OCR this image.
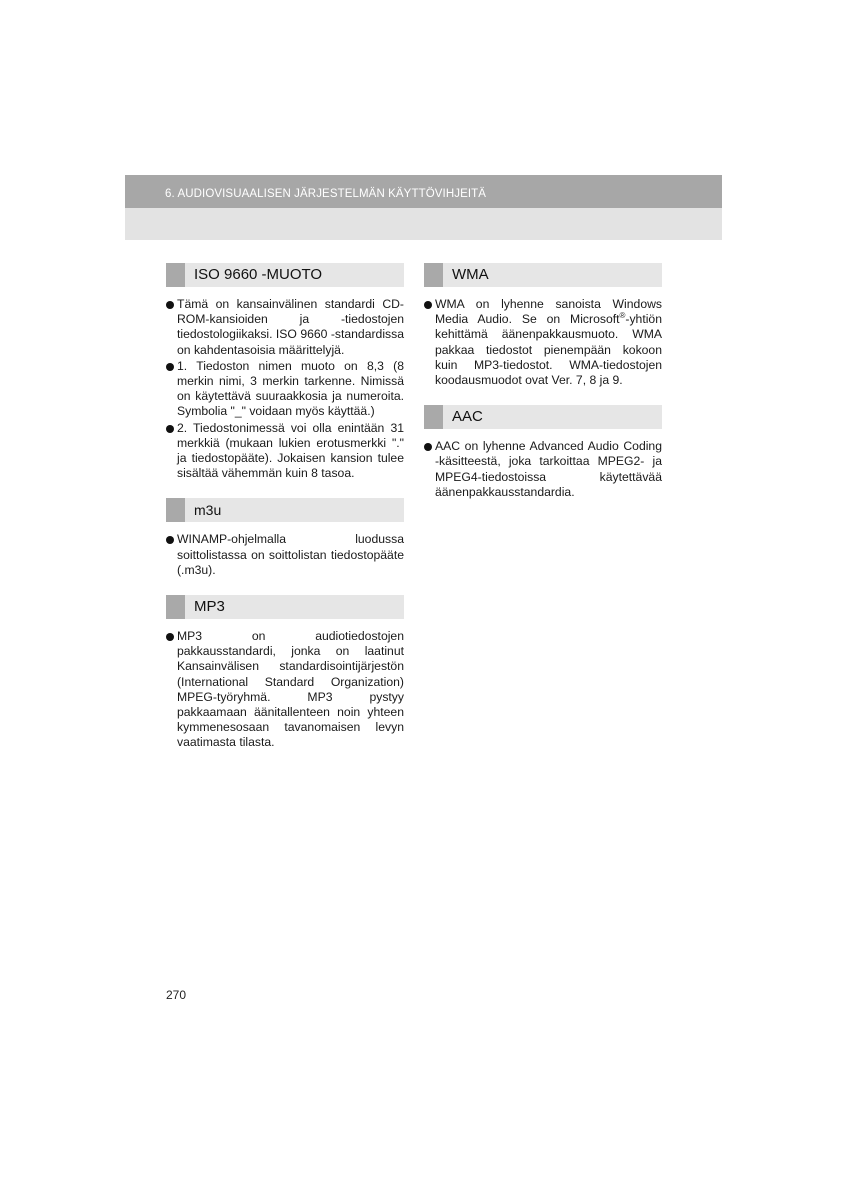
6. AUDIOVISUAALISEN JÄRJESTELMÄN KÄYTTÖVIHJEITÄ
ISO 9660 -MUOTO
Tämä on kansainvälinen standardi CD-ROM-kansioiden ja -tiedostojen tiedostologiikaksi. ISO 9660 -standardissa on kahdentasoisia määrittelyjä.
1. Tiedoston nimen muoto on 8,3 (8 merkin nimi, 3 merkin tarkenne. Nimissä on käytettävä suuraakkosia ja numeroita. Symbolia "_" voidaan myös käyttää.)
2. Tiedostonimessä voi olla enintään 31 merkkiä (mukaan lukien erotusmerkki "." ja tiedostopääte). Jokaisen kansion tulee sisältää vähemmän kuin 8 tasoa.
m3u
WINAMP-ohjelmalla luodussa soittolistassa on soittolistan tiedostopääte (.m3u).
MP3
MP3 on audiotiedostojen pakkausstandardi, jonka on laatinut Kansainvälisen standardisointijärjestön (International Standard Organization) MPEG-työryhmä. MP3 pystyy pakkaamaan äänitallenteen noin yhteen kymmenesosaan tavanomaisen levyn vaatimasta tilasta.
WMA
WMA on lyhenne sanoista Windows Media Audio. Se on Microsoft®-yhtiön kehittämä äänenpakkausmuoto. WMA pakkaa tiedostot pienempään kokoon kuin MP3-tiedostot. WMA-tiedostojen koodausmuodot ovat Ver. 7, 8 ja 9.
AAC
AAC on lyhenne Advanced Audio Coding -käsitteestä, joka tarkoittaa MPEG2- ja MPEG4-tiedostoissa käytettävää äänenpakkausstandardia.
270
